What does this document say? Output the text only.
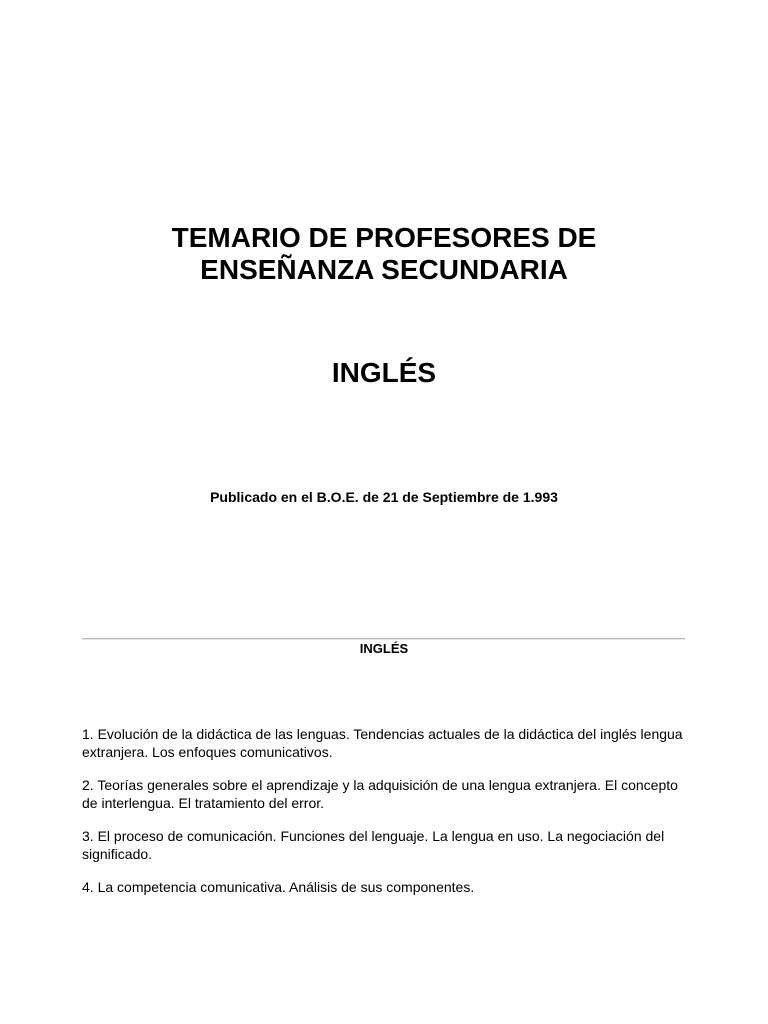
TEMARIO DE PROFESORES DE
ENSEÑANZA SECUNDARIA
INGLÉS

Publicado en el B.O.E. de 21 de Septiembre de 1.993

INGLÉS
1. Evolución de la didáctica de las lenguas. Tendencias actuales de la didáctica del inglés lengua extranjera. Los enfoques comunicativos.
2. Teorías generales sobre el aprendizaje y la adquisición de una lengua extranjera. El concepto de interlengua. El tratamiento del error.
3. El proceso de comunicación. Funciones del lenguaje. La lengua en uso. La negociación del significado.
4. La competencia comunicativa. Análisis de sus componentes.
